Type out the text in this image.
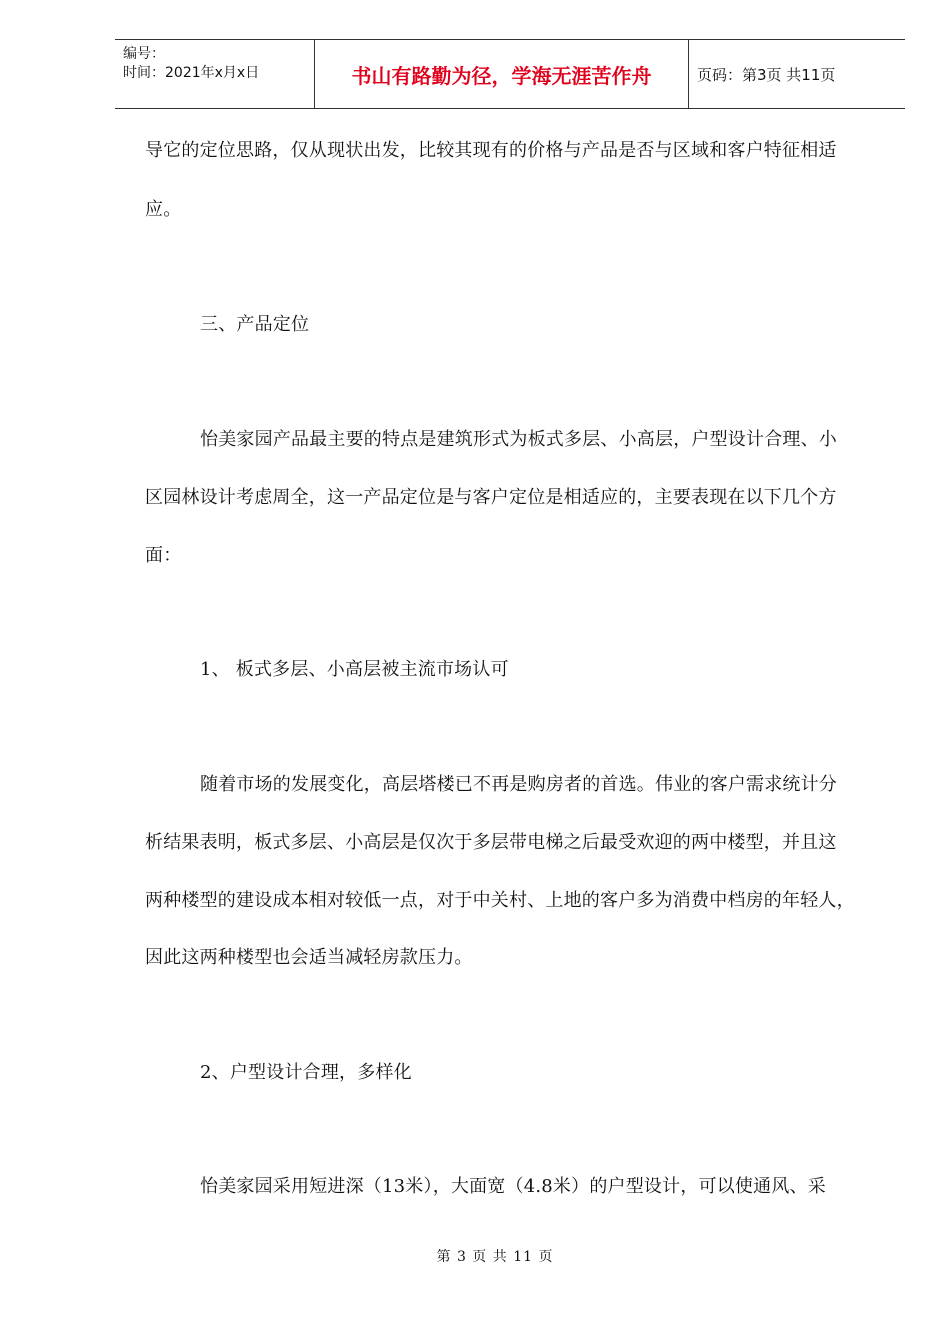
编号：
时间：2021年x月x日	书山有路勤为径，学海无涯苦作舟	页码：第3页 共11页
导它的定位思路，仅从现状出发，比较其现有的价格与产品是否与区域和客户特征相适
应。
三、产品定位
怡美家园产品最主要的特点是建筑形式为板式多层、小高层，户型设计合理、小
区园林设计考虑周全，这一产品定位是与客户定位是相适应的，主要表现在以下几个方
面：
1、 板式多层、小高层被主流市场认可
随着市场的发展变化，高层塔楼已不再是购房者的首选。伟业的客户需求统计分
析结果表明，板式多层、小高层是仅次于多层带电梯之后最受欢迎的两中楼型，并且这
两种楼型的建设成本相对较低一点，对于中关村、上地的客户多为消费中档房的年轻人，
因此这两种楼型也会适当减轻房款压力。
2、户型设计合理，多样化
怡美家园采用短进深（13米），大面宽（4.8米）的户型设计，可以使通风、采
第 3 页 共 11 页
